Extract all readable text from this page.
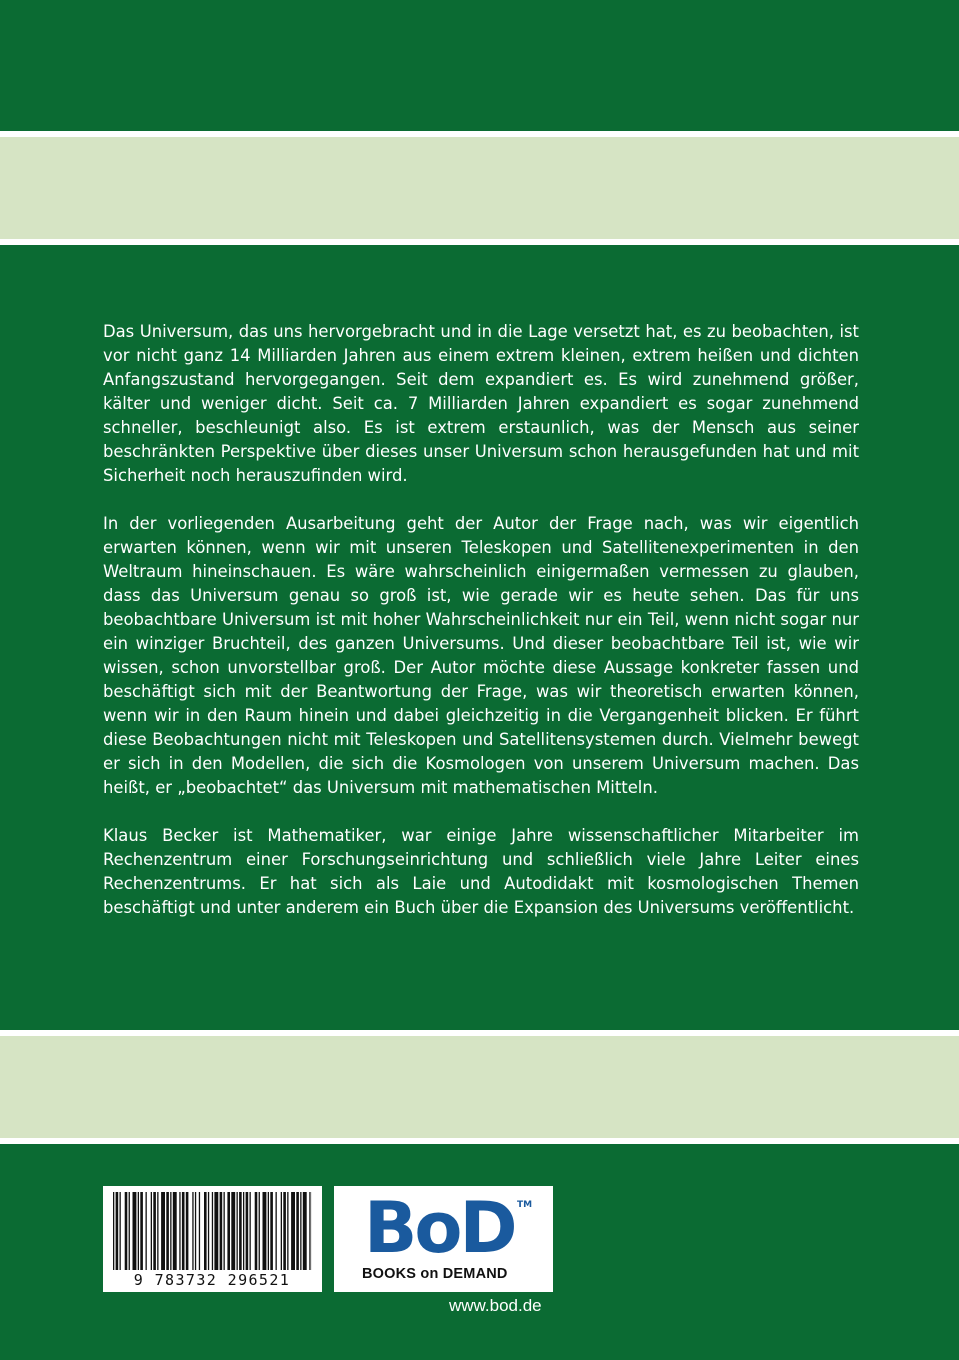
Das Universum, das uns hervorgebracht und in die Lage versetzt hat, es zu beobachten, ist vor nicht ganz 14 Milliarden Jahren aus einem extrem kleinen, extrem heißen und dichten Anfangszustand hervorgegangen. Seit dem expandiert es. Es wird zunehmend größer, kälter und weniger dicht. Seit ca. 7 Milliarden Jahren expandiert es sogar zunehmend schneller, beschleunigt also. Es ist extrem erstaunlich, was der Mensch aus seiner beschränkten Perspektive über dieses unser Universum schon herausgefunden hat und mit Sicherheit noch herauszufinden wird.

In der vorliegenden Ausarbeitung geht der Autor der Frage nach, was wir eigentlich erwarten können, wenn wir mit unseren Teleskopen und Satellitenexperimenten in den Weltraum hineinschauen. Es wäre wahrscheinlich einigermaßen vermessen zu glauben, dass das Universum genau so groß ist, wie gerade wir es heute sehen. Das für uns beobachtbare Universum ist mit hoher Wahrscheinlichkeit nur ein Teil, wenn nicht sogar nur ein winziger Bruchteil, des ganzen Universums. Und dieser beobachtbare Teil ist, wie wir wissen, schon unvorstellbar groß. Der Autor möchte diese Aussage konkreter fassen und beschäftigt sich mit der Beantwortung der Frage, was wir theoretisch erwarten können, wenn wir in den Raum hinein und dabei gleichzeitig in die Vergangenheit blicken. Er führt diese Beobachtungen nicht mit Teleskopen und Satellitensystemen durch. Vielmehr bewegt er sich in den Modellen, die sich die Kosmologen von unserem Universum machen. Das heißt, er „beobachtet“ das Universum mit mathematischen Mitteln.

Klaus Becker ist Mathematiker, war einige Jahre wissenschaftlicher Mitarbeiter im Rechenzentrum einer Forschungseinrichtung und schließlich viele Jahre Leiter eines Rechenzentrums. Er hat sich als Laie und Autodidakt mit kosmologischen Themen beschäftigt und unter anderem ein Buch über die Expansion des Universums veröffentlicht.

9 783732 296521
BoD TM
BOOKS on DEMAND
www.bod.de
